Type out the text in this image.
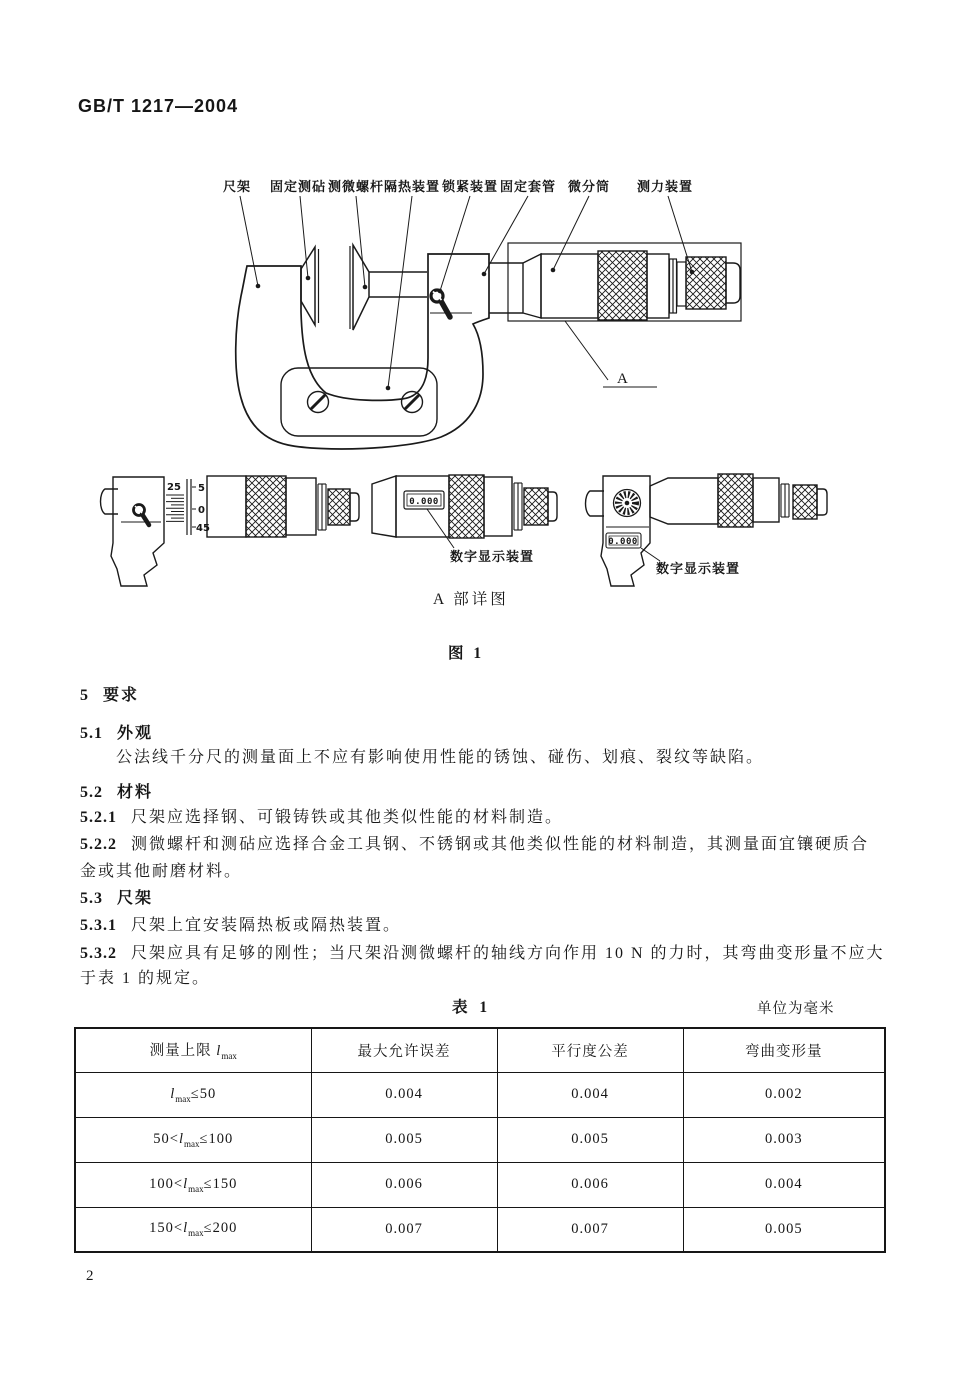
GB/T 1217—2004
尺架 固定测砧 测微螺杆 隔热装置 锁紧装置 固定套管 微分筒 测力装置
A
25 5
0
45
0.000
数字显示装置
0.000
数字显示装置
A 部详图
图 1
5 要求
5.1 外观
公法线千分尺的测量面上不应有影响使用性能的锈蚀、碰伤、划痕、裂纹等缺陷。
5.2 材料
5.2.1 尺架应选择钢、可锻铸铁或其他类似性能的材料制造。
5.2.2 测微螺杆和测砧应选择合金工具钢、不锈钢或其他类似性能的材料制造，其测量面宜镶硬质合
金或其他耐磨材料。
5.3 尺架
5.3.1 尺架上宜安装隔热板或隔热装置。
5.3.2 尺架应具有足够的刚性；当尺架沿测微螺杆的轴线方向作用 10 N 的力时，其弯曲变形量不应大
于表 1 的规定。
表 1	单位为毫米
测量上限 $l_{max}$	最大允许误差	平行度公差	弯曲变形量
$l_{max}\le 50$	0.004	0.004	0.002
$50<l_{max}\le 100$	0.005	0.005	0.003
$100<l_{max}\le 150$	0.006	0.006	0.004
$150<l_{max}\le 200$	0.007	0.007	0.005
2
